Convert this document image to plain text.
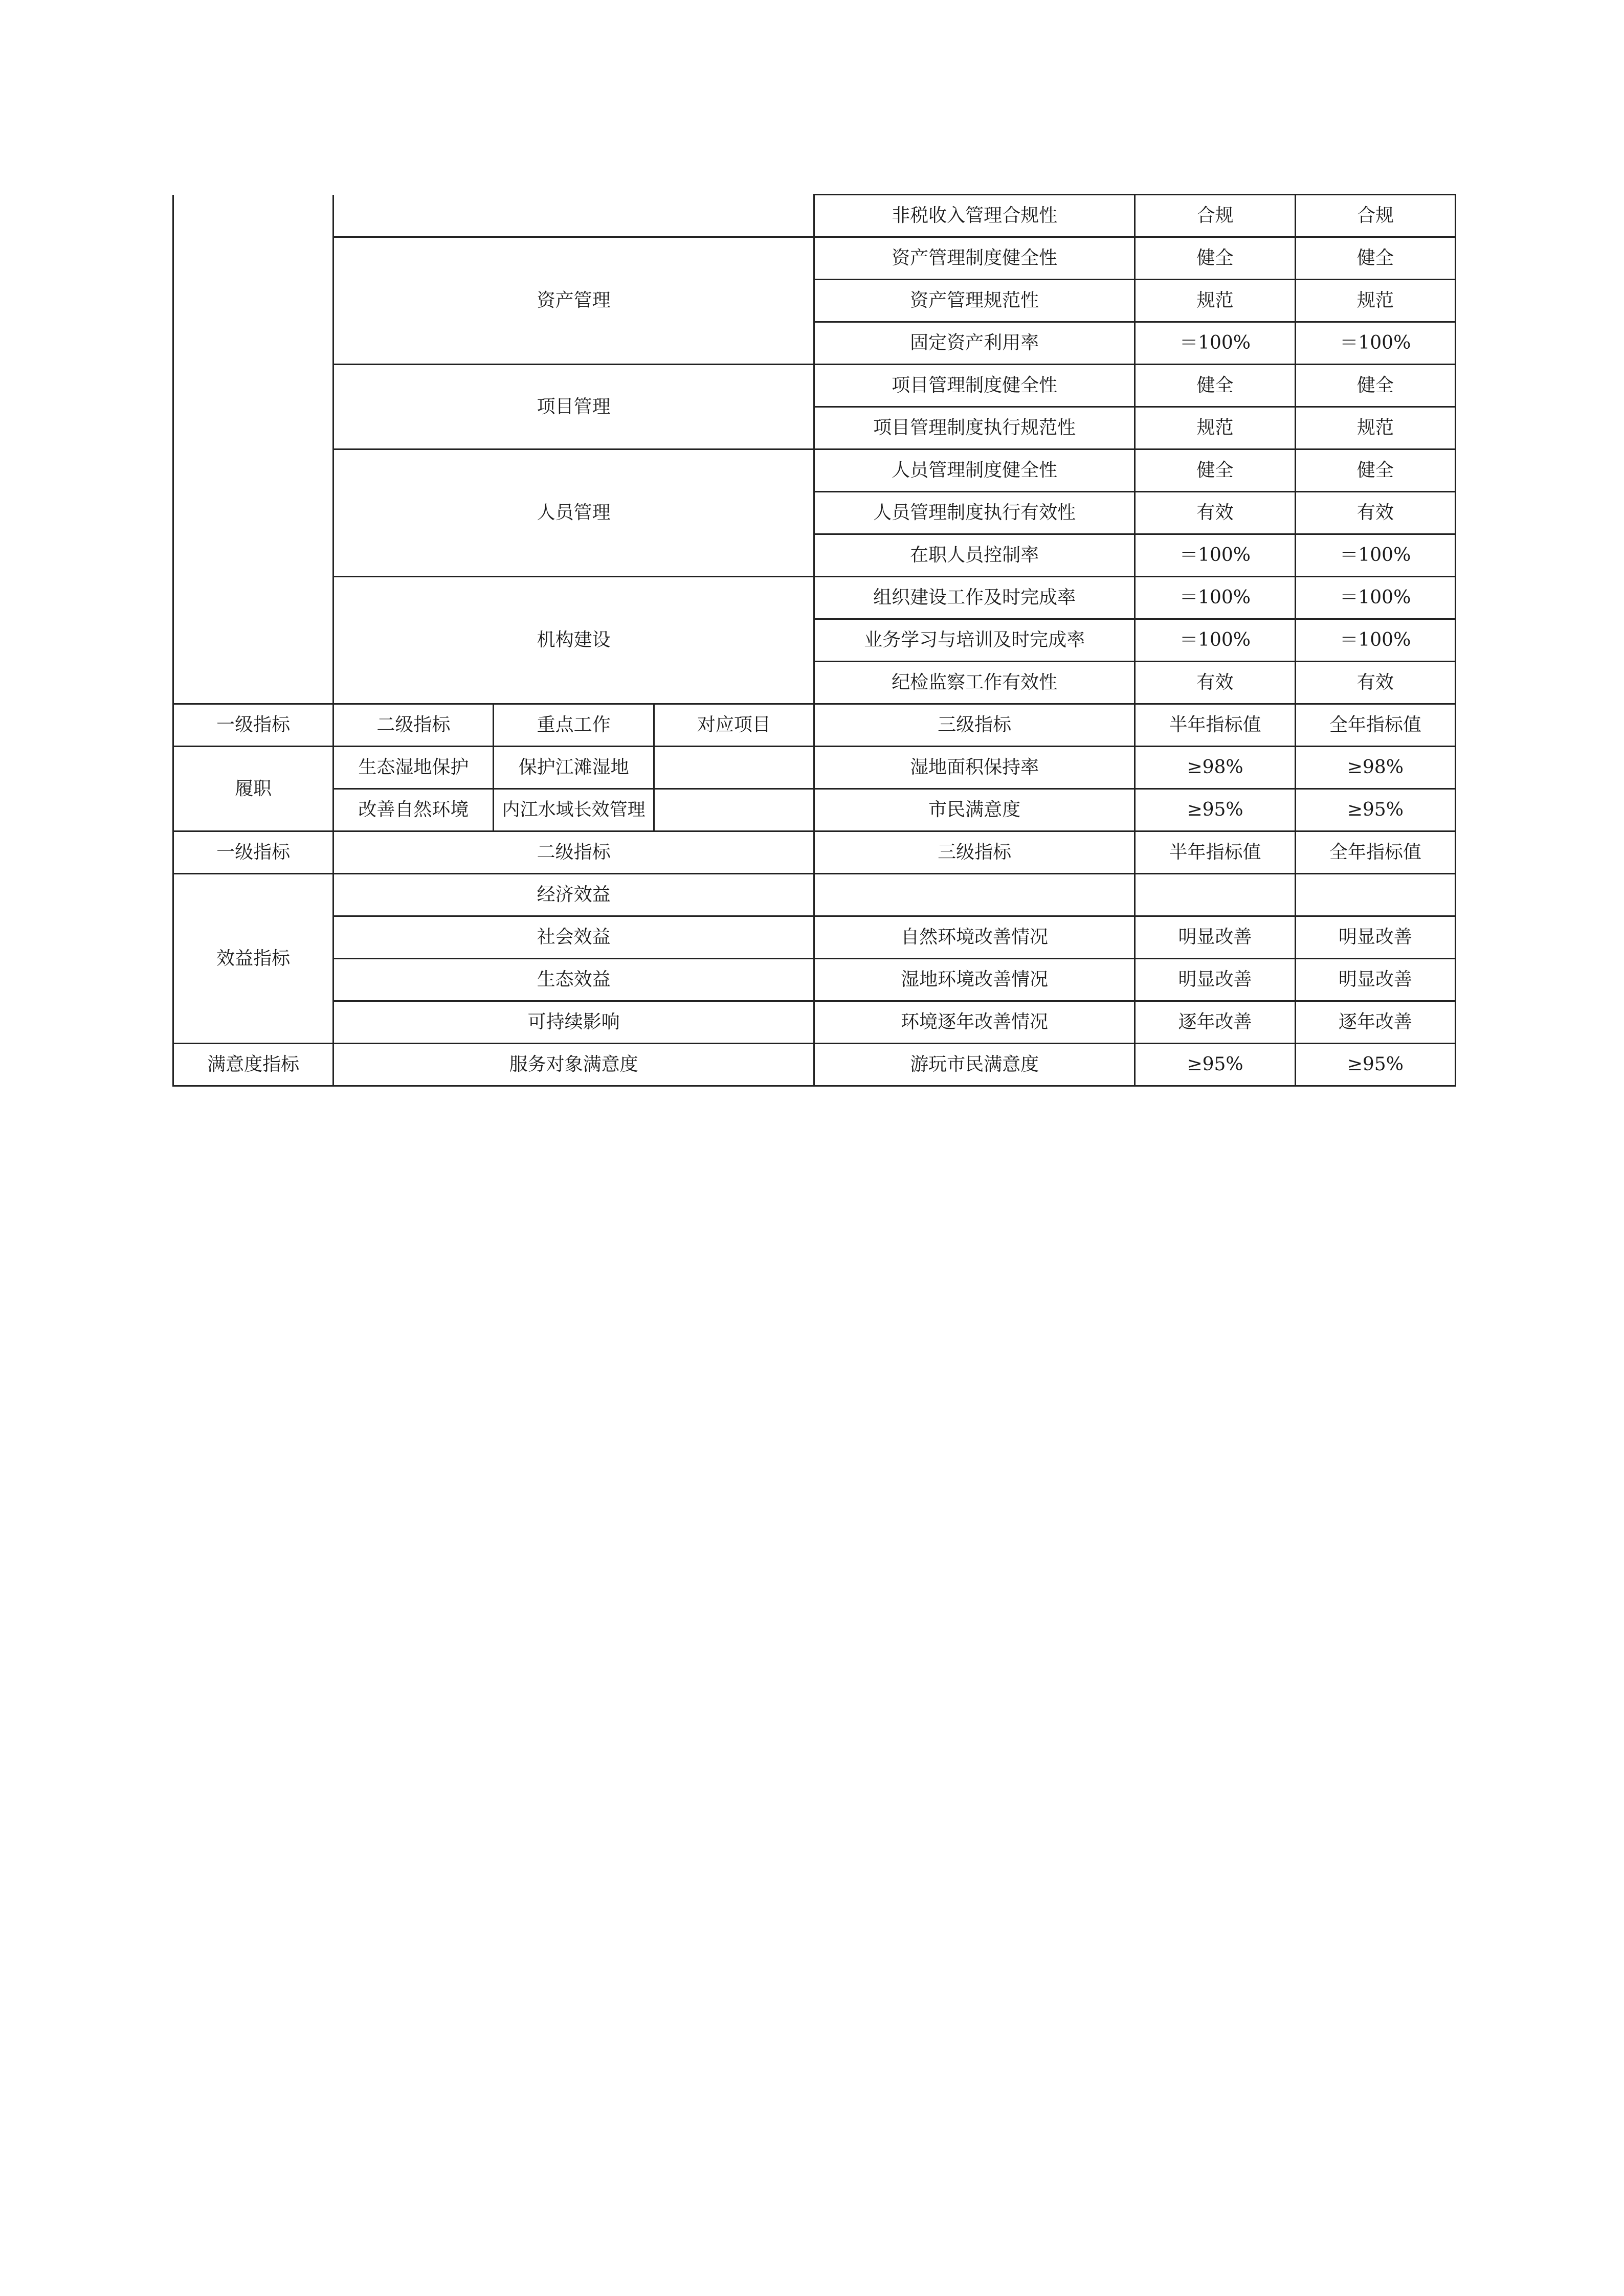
				非税收入管理合规性	合规	合规
	资产管理			资产管理制度健全性	健全	健全
				资产管理规范性	规范	规范
				固定资产利用率	＝100%	＝100%
	项目管理			项目管理制度健全性	健全	健全
				项目管理制度执行规范性	规范	规范
	人员管理			人员管理制度健全性	健全	健全
				人员管理制度执行有效性	有效	有效
				在职人员控制率	＝100%	＝100%
	机构建设			组织建设工作及时完成率	＝100%	＝100%
				业务学习与培训及时完成率	＝100%	＝100%
				纪检监察工作有效性	有效	有效
一级指标	二级指标	重点工作	对应项目	三级指标	半年指标值	全年指标值
履职	生态湿地保护	保护江滩湿地		湿地面积保持率	≥98%	≥98%
	改善自然环境	内江水域长效管理		市民满意度	≥95%	≥95%
一级指标	二级指标			三级指标	半年指标值	全年指标值
效益指标	经济效益					
	社会效益			自然环境改善情况	明显改善	明显改善
	生态效益			湿地环境改善情况	明显改善	明显改善
	可持续影响			环境逐年改善情况	逐年改善	逐年改善
满意度指标	服务对象满意度			游玩市民满意度	≥95%	≥95%
